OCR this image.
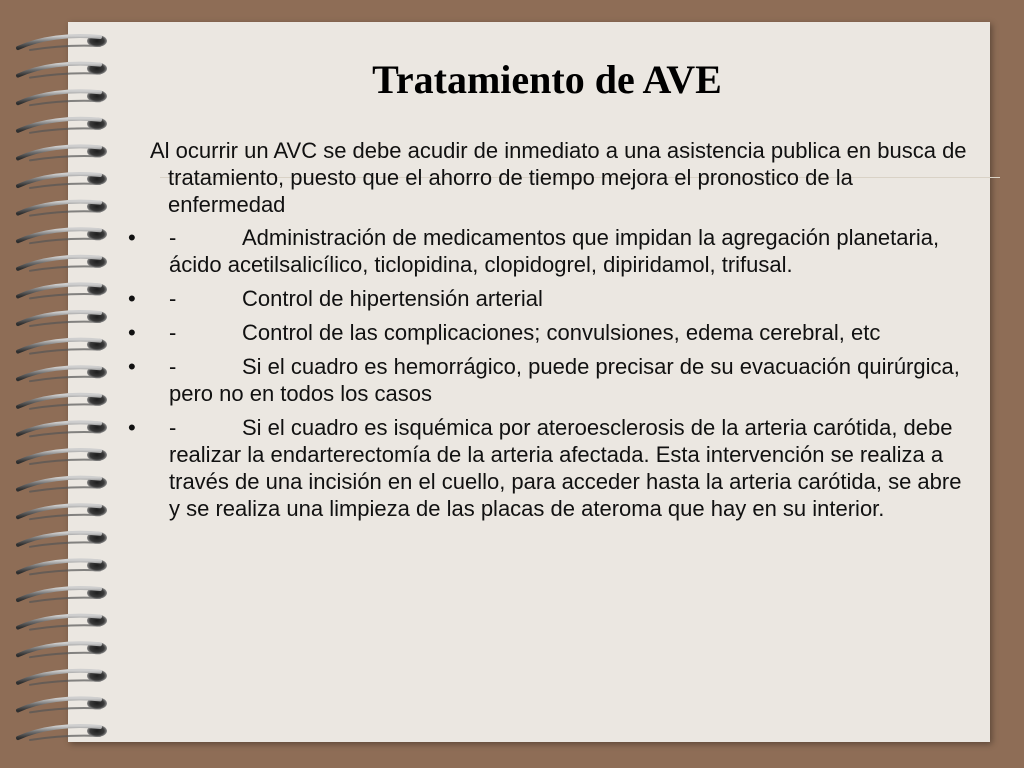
Tratamiento de AVE

Al ocurrir un AVC se debe acudir de inmediato a una asistencia publica en busca de tratamiento, puesto que el ahorro de tiempo mejora el pronostico de la enfermedad

• -	Administración de medicamentos que impidan la agregación planetaria, ácido acetilsalicílico, ticlopidina, clopidogrel, dipiridamol, trifusal.
• -	Control de hipertensión arterial
• -	Control de las complicaciones; convulsiones, edema cerebral, etc
• -	Si el cuadro es hemorrágico, puede precisar de su evacuación quirúrgica, pero no en todos los casos
• -	Si el cuadro es isquémica por ateroesclerosis de la arteria carótida, debe realizar la endarterectomía de la arteria afectada. Esta intervención se realiza a través de una incisión en el cuello, para acceder hasta la arteria carótida, se abre y se realiza una limpieza de las placas de ateroma que hay en su interior.
